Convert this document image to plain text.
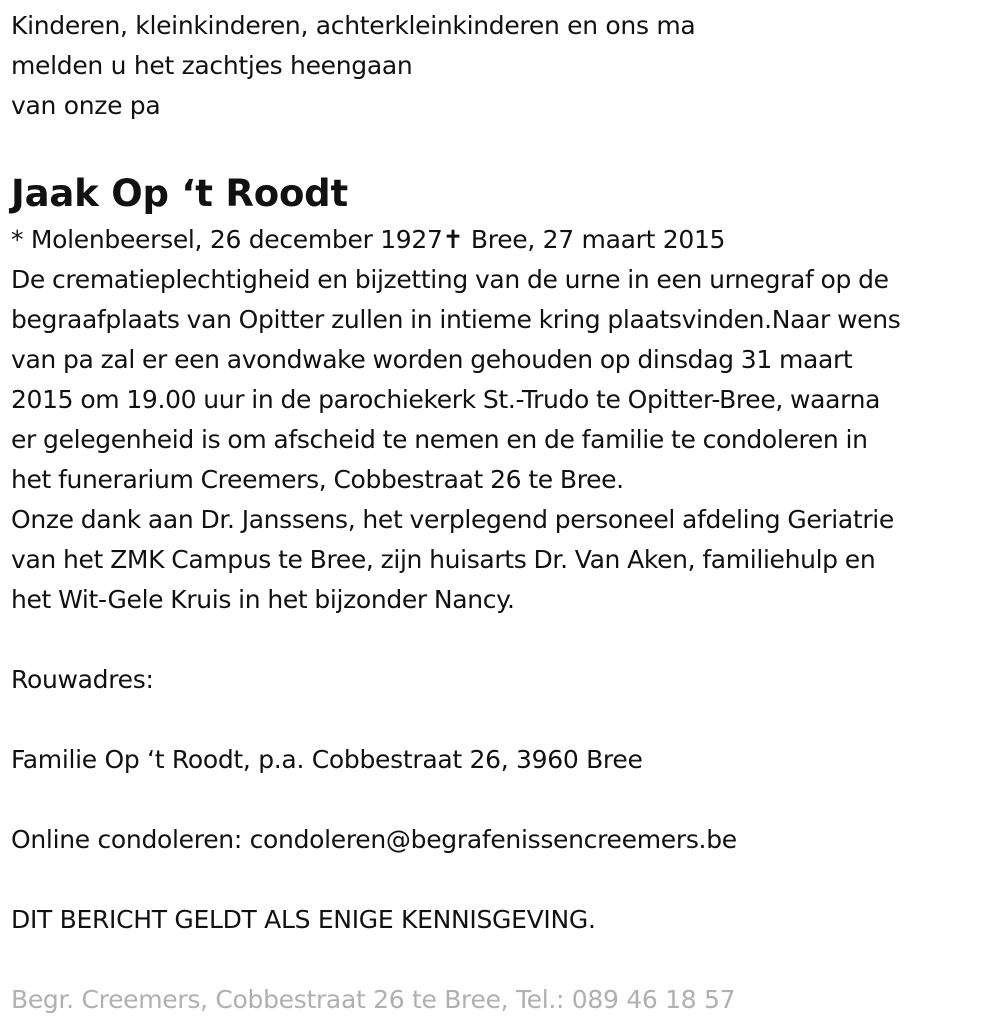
Kinderen, kleinkinderen, achterkleinkinderen en ons ma
melden u het zachtjes heengaan
van onze pa
Jaak Op ‘t Roodt
* Molenbeersel, 26 december 1927✝ Bree, 27 maart 2015
De crematieplechtigheid en bijzetting van de urne in een urnegraf op de
begraafplaats van Opitter zullen in intieme kring plaatsvinden.Naar wens
van pa zal er een avondwake worden gehouden op dinsdag 31 maart
2015 om 19.00 uur in de parochiekerk St.-Trudo te Opitter-Bree, waarna
er gelegenheid is om afscheid te nemen en de familie te condoleren in
het funerarium Creemers, Cobbestraat 26 te Bree.
Onze dank aan Dr. Janssens, het verplegend personeel afdeling Geriatrie
van het ZMK Campus te Bree, zijn huisarts Dr. Van Aken, familiehulp en
het Wit-Gele Kruis in het bijzonder Nancy.
Rouwadres:
Familie Op ‘t Roodt, p.a. Cobbestraat 26, 3960 Bree
Online condoleren: condoleren@begrafenissencreemers.be
DIT BERICHT GELDT ALS ENIGE KENNISGEVING.
Begr. Creemers, Cobbestraat 26 te Bree, Tel.: 089 46 18 57
